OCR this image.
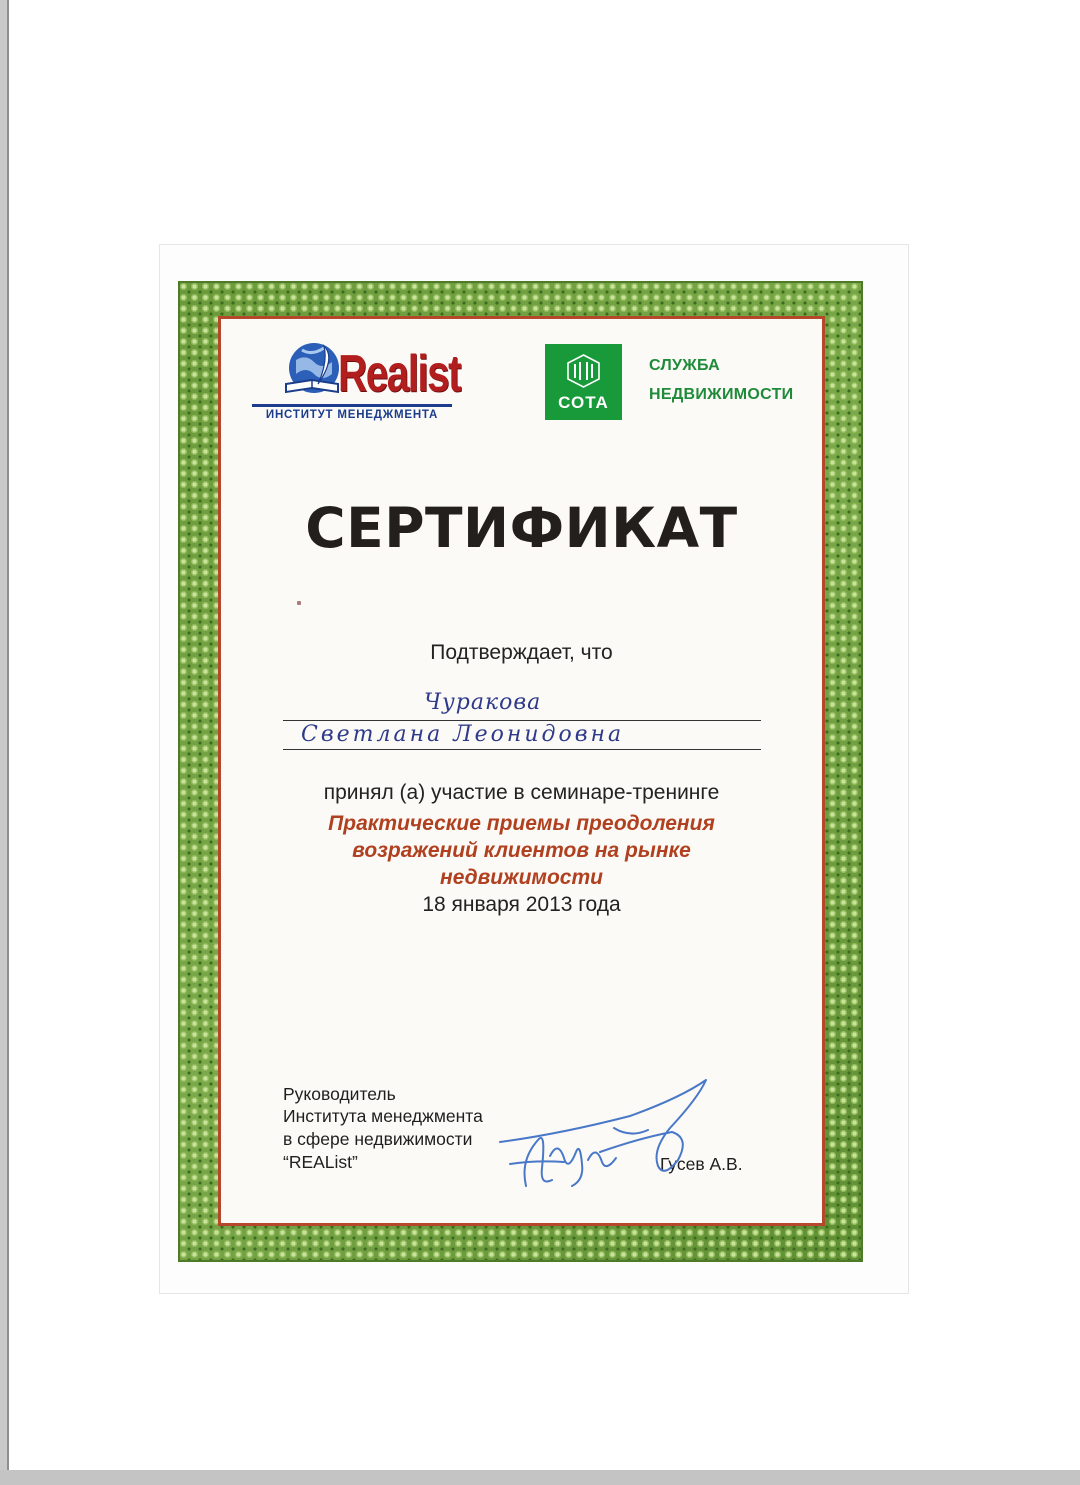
Realist
ИНСТИТУТ МЕНЕДЖМЕНТА
СОТА
СЛУЖБА
НЕДВИЖИМОСТИ
СЕРТИФИКАТ
Подтверждает, что
Чуракова
Светлана Леонидовна
принял (а) участие в семинаре-тренинге
Практические приемы преодоления
возражений клиентов на рынке
недвижимости
18 января 2013 года
Руководитель
Института менеджмента
в сфере недвижимости
“REAList”	Гусев А.В.
